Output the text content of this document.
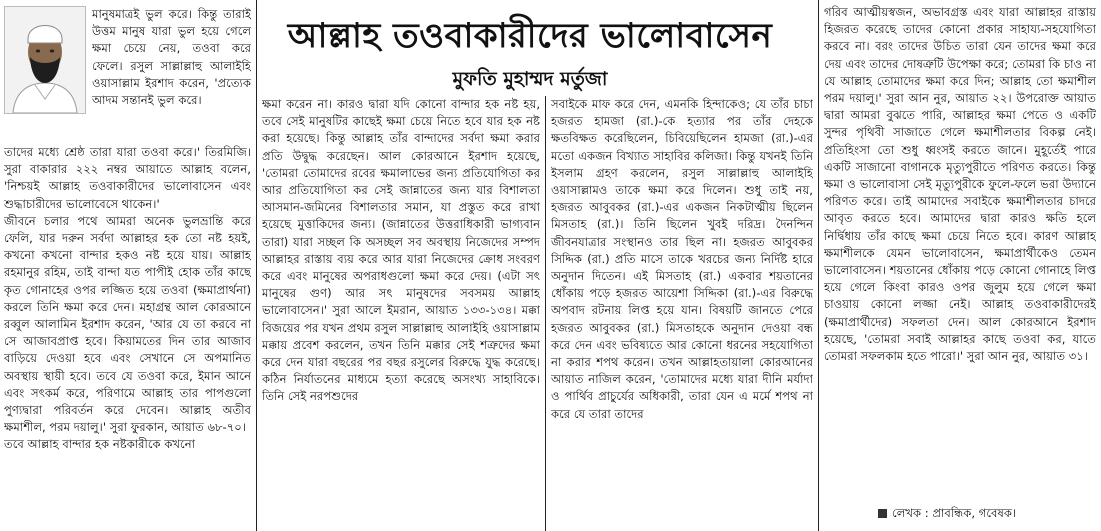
মানুষমাত্রই ভুল করে। কিন্তু তারাই উত্তম মানুষ যারা ভুল হয়ে গেলে ক্ষমা চেয়ে নেয়, তওবা করে ফেলে। রসুল সাল্লাল্লাহু আলাইহি ওয়াসাল্লাম ইরশাদ করেন, 'প্রত্যেক আদম সন্তানই ভুল করে।

তাদের মধ্যে শ্রেষ্ঠ তারা যারা তওবা করে।' তিরমিজি। সুরা বাকারার ২২২ নম্বর আয়াতে আল্লাহ বলেন, 'নিশ্চয়ই আল্লাহ তওবাকারীদের ভালোবাসেন এবং শুদ্ধাচারীদের ভালোবেসে থাকেন।'
জীবনে চলার পথে আমরা অনেক ভুলভ্রান্তি করে ফেলি, যার দরুন সর্বদা আল্লাহর হক তো নষ্ট হয়ই, কখনো কখনো বান্দার হকও নষ্ট হয়ে যায়। আল্লাহ রহমানুর রহিম, তাই বান্দা যত পাপীই হোক তাঁর কাছে কৃত গোনাহের ওপর লজ্জিত হয়ে তওবা (ক্ষমাপ্রার্থনা) করলে তিনি ক্ষমা করে দেন। মহাগ্রন্থ আল কোরআনে রব্বুল আলামিন ইরশাদ করেন, 'আর যে তা করবে না সে আজাবপ্রাপ্ত হবে। কিয়ামতের দিন তার আজাব বাড়িয়ে দেওয়া হবে এবং সেখানে সে অপমানিত অবস্থায় স্থায়ী হবে। তবে যে তওবা করে, ইমান আনে এবং সৎকর্ম করে, পরিণামে আল্লাহ তার পাপগুলো পুণ্যদ্বারা পরিবর্তন করে দেবেন। আল্লাহ অতীব ক্ষমাশীল, পরম দয়ালু।' সুরা ফুরকান, আয়াত ৬৮-৭০।
তবে আল্লাহ বান্দার হক নষ্টকারীকে কখনো

আল্লাহ তওবাকারীদের ভালোবাসেন
মুফতি মুহাম্মদ মর্তুজা

ক্ষমা করেন না। কারও দ্বারা যদি কোনো বান্দার হক নষ্ট হয়, তবে সেই মানুষটির কাছেই ক্ষমা চেয়ে নিতে হবে যার হক নষ্ট করা হয়েছে। কিন্তু আল্লাহ তাঁর বান্দাদের সর্বদা ক্ষমা করার প্রতি উদ্বুদ্ধ করেছেন। আল কোরআনে ইরশাদ হয়েছে, 'তোমরা তোমাদের রবের ক্ষমালাভের জন্য প্রতিযোগিতা কর আর প্রতিযোগিতা কর সেই জান্নাতের জন্য যার বিশালতা আসমান-জমিনের বিশালতার সমান, যা প্রস্তুত করে রাখা হয়েছে মুত্তাকিদের জন্য। (জান্নাতের উত্তরাধিকারী ভাগ্যবান তারা) যারা সচ্ছল কি অসচ্ছল সব অবস্থায় নিজেদের সম্পদ আল্লাহর রাস্তায় ব্যয় করে আর যারা নিজেদের ক্রোধ সংবরণ করে এবং মানুষের অপরাধগুলো ক্ষমা করে দেয়। (এটা সৎ মানুষের গুণ) আর সৎ মানুষদের সবসময় আল্লাহ ভালোবাসেন।' সুরা আলে ইমরান, আয়াত ১৩৩-১৩৪। মক্কা বিজয়ের পর যখন প্রথম রসুল সাল্লাল্লাহু আলাইহি ওয়াসাল্লাম মক্কায় প্রবেশ করলেন, তখন তিনি মক্কার সেই শত্রুদের ক্ষমা করে দেন যারা বছরের পর বছর রসুলের বিরুদ্ধে যুদ্ধ করেছে। কঠিন নির্যাতনের মাধ্যমে হত্যা করেছে অসংখ্য সাহাবিকে। তিনি সেই নরপশুদের

সবাইকে মাফ করে দেন, এমনকি হিন্দাকেও; যে তাঁর চাচা হজরত হামজা (রা.)-কে হত্যার পর তাঁর দেহকে ক্ষতবিক্ষত করেছিলেন, চিবিয়েছিলেন হামজা (রা.)-এর মতো একজন বিখ্যাত সাহাবির কলিজা। কিন্তু যখনই তিনি ইসলাম গ্রহণ করলেন, রসুল সাল্লাল্লাহু আলাইহি ওয়াসাল্লামও তাকে ক্ষমা করে দিলেন। শুধু তাই নয়, হজরত আবুবকর (রা.)-এর একজন নিকটাত্মীয় ছিলেন মিসতাহ (রা.)। তিনি ছিলেন খুবই দরিদ্র। দৈনন্দিন জীবনযাত্রার সংস্থানও তার ছিল না। হজরত আবুবকর সিদ্দিক (রা.) প্রতি মাসে তাকে খরচের জন্য নির্দিষ্ট হারে অনুদান দিতেন। এই মিসতাহ (রা.) একবার শয়তানের ধোঁকায় পড়ে হজরত আয়েশা সিদ্দিকা (রা.)-এর বিরুদ্ধে অপবাদ রটনায় লিপ্ত হয়ে যান। বিষয়টি জানতে পেরে হজরত আবুবকর (রা.) মিসতাহকে অনুদান দেওয়া বন্ধ করে দেন এবং ভবিষ্যতে আর কোনো ধরনের সহযোগিতা না করার শপথ করেন। তখন আল্লাহতায়ালা কোরআনের আয়াত নাজিল করেন, 'তোমাদের মধ্যে যারা দীনি মর্যাদা ও পার্থিব প্রাচুর্যের অধিকারী, তারা যেন এ মর্মে শপথ না করে যে তারা তাদের

গরিব আত্মীয়স্বজন, অভাবগ্রস্ত এবং যারা আল্লাহর রাস্তায় হিজরত করেছে তাদের কোনো প্রকার সাহায্য-সহযোগিতা করবে না। বরং তাদের উচিত তারা যেন তাদের ক্ষমা করে দেয় এবং তাদের দোষত্রুটি উপেক্ষা করে; তোমরা কি চাও না যে আল্লাহ তোমাদের ক্ষমা করে দিন; আল্লাহ তো ক্ষমাশীল পরম দয়ালু।' সুরা আন নুর, আয়াত ২২। উপরোক্ত আয়াত দ্বারা আমরা বুঝতে পারি, আল্লাহর ক্ষমা পেতে ও একটি সুন্দর পৃথিবী সাজাতে গেলে ক্ষমাশীলতার বিকল্প নেই। প্রতিহিংসা তো শুধু ধ্বংসই করতে জানে। মুহূর্তেই পারে একটি সাজানো বাগানকে মৃত্যুপুরীতে পরিণত করতে। কিন্তু ক্ষমা ও ভালোবাসা সেই মৃত্যুপুরীকে ফুলে-ফলে ভরা উদ্যানে পরিণত করে। তাই আমাদের সবাইকে ক্ষমাশীলতার চাদরে আবৃত করতে হবে। আমাদের দ্বারা কারও ক্ষতি হলে নির্দ্বিধায় তাঁর কাছে ক্ষমা চেয়ে নিতে হবে। কারণ আল্লাহ ক্ষমাশীলকে যেমন ভালোবাসেন, ক্ষমাপ্রার্থীকেও তেমন ভালোবাসেন। শয়তানের ধোঁকায় পড়ে কোনো গোনাহে লিপ্ত হয়ে গেলে কিংবা কারও ওপর জুলুম হয়ে গেলে ক্ষমা চাওয়ায় কোনো লজ্জা নেই। আল্লাহ তওবাকারীদেরই (ক্ষমাপ্রার্থীদের) সফলতা দেন। আল কোরআনে ইরশাদ হয়েছে, 'তোমরা সবাই আল্লাহর কাছে তওবা কর, যাতে তোমরা সফলকাম হতে পারো।' সুরা আন নুর, আয়াত ৩১।

লেখক : প্রাবন্ধিক, গবেষক।
